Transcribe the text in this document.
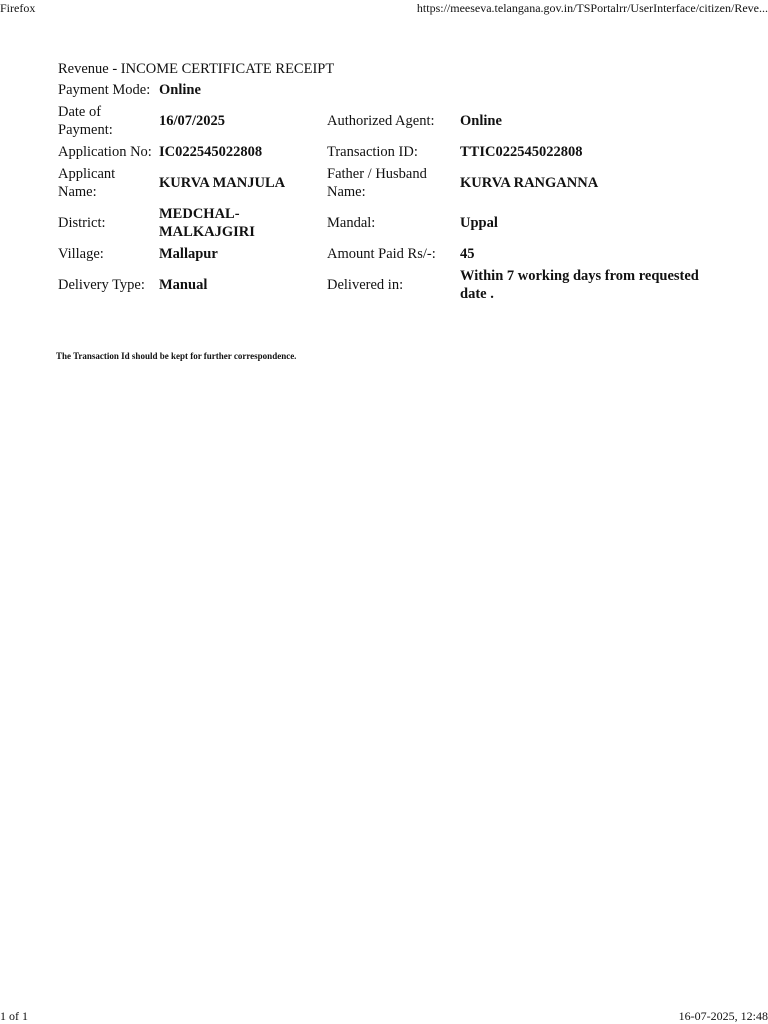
Firefox	https://meeseva.telangana.gov.in/TSPortalrr/UserInterface/citizen/Reve...
Revenue - INCOME CERTIFICATE RECEIPT
Payment Mode:	Online		
Date of Payment:	16/07/2025	Authorized Agent:	Online
Application No:	IC022545022808	Transaction ID:	TTIC022545022808
Applicant Name:	KURVA MANJULA	Father / Husband Name:	KURVA RANGANNA
District:	MEDCHAL-MALKAJGIRI	Mandal:	Uppal
Village:	Mallapur	Amount Paid Rs/-:	45
Delivery Type:	Manual	Delivered in:	Within 7 working days from requested date .
The Transaction Id should be kept for further correspondence.
1 of 1	16-07-2025, 12:48
